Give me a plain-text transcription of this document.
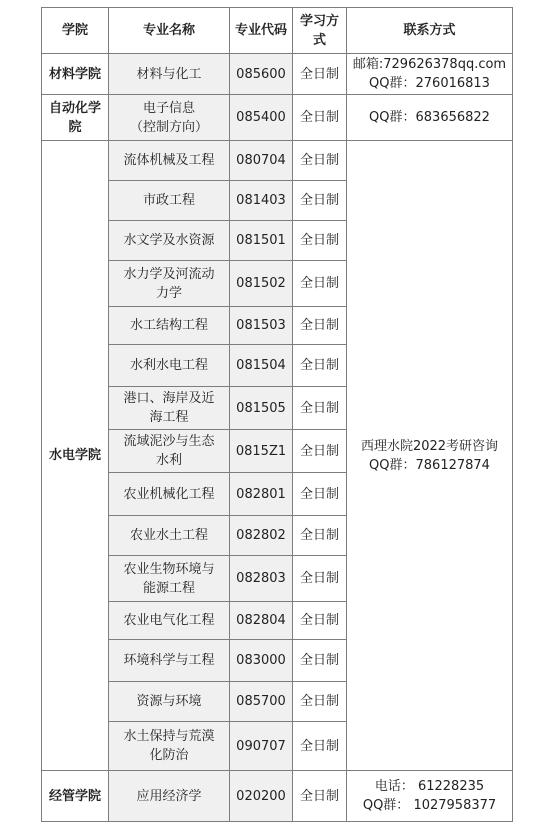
学院	专业名称	专业代码	学习方式	联系方式
材料学院	材料与化工	085600	全日制	邮箱:729626378qq.com
QQ群：276016813

自动化学院	电子信息
（控制方向）	085400	全日制	QQ群：683656822

水电学院	流体机械及工程	080704	全日制	西理水院2022考研咨询
QQ群：786127874

	市政工程	081403	全日制	

	水文学及水资源	081501	全日制	

	水力学及河流动
力学	081502	全日制	

	水工结构工程	081503	全日制	

	水利水电工程	081504	全日制	

	港口、海岸及近
海工程	081505	全日制	

	流域泥沙与生态
水利	0815Z1	全日制	

	农业机械化工程	082801	全日制	

	农业水土工程	082802	全日制	

	农业生物环境与
能源工程	082803	全日制	

	农业电气化工程	082804	全日制	

	环境科学与工程	083000	全日制	

	资源与环境	085700	全日制	

	水土保持与荒漠
化防治	090707	全日制	
经管学院	应用经济学	020200	全日制	电话： 61228235
QQ群： 1027958377
